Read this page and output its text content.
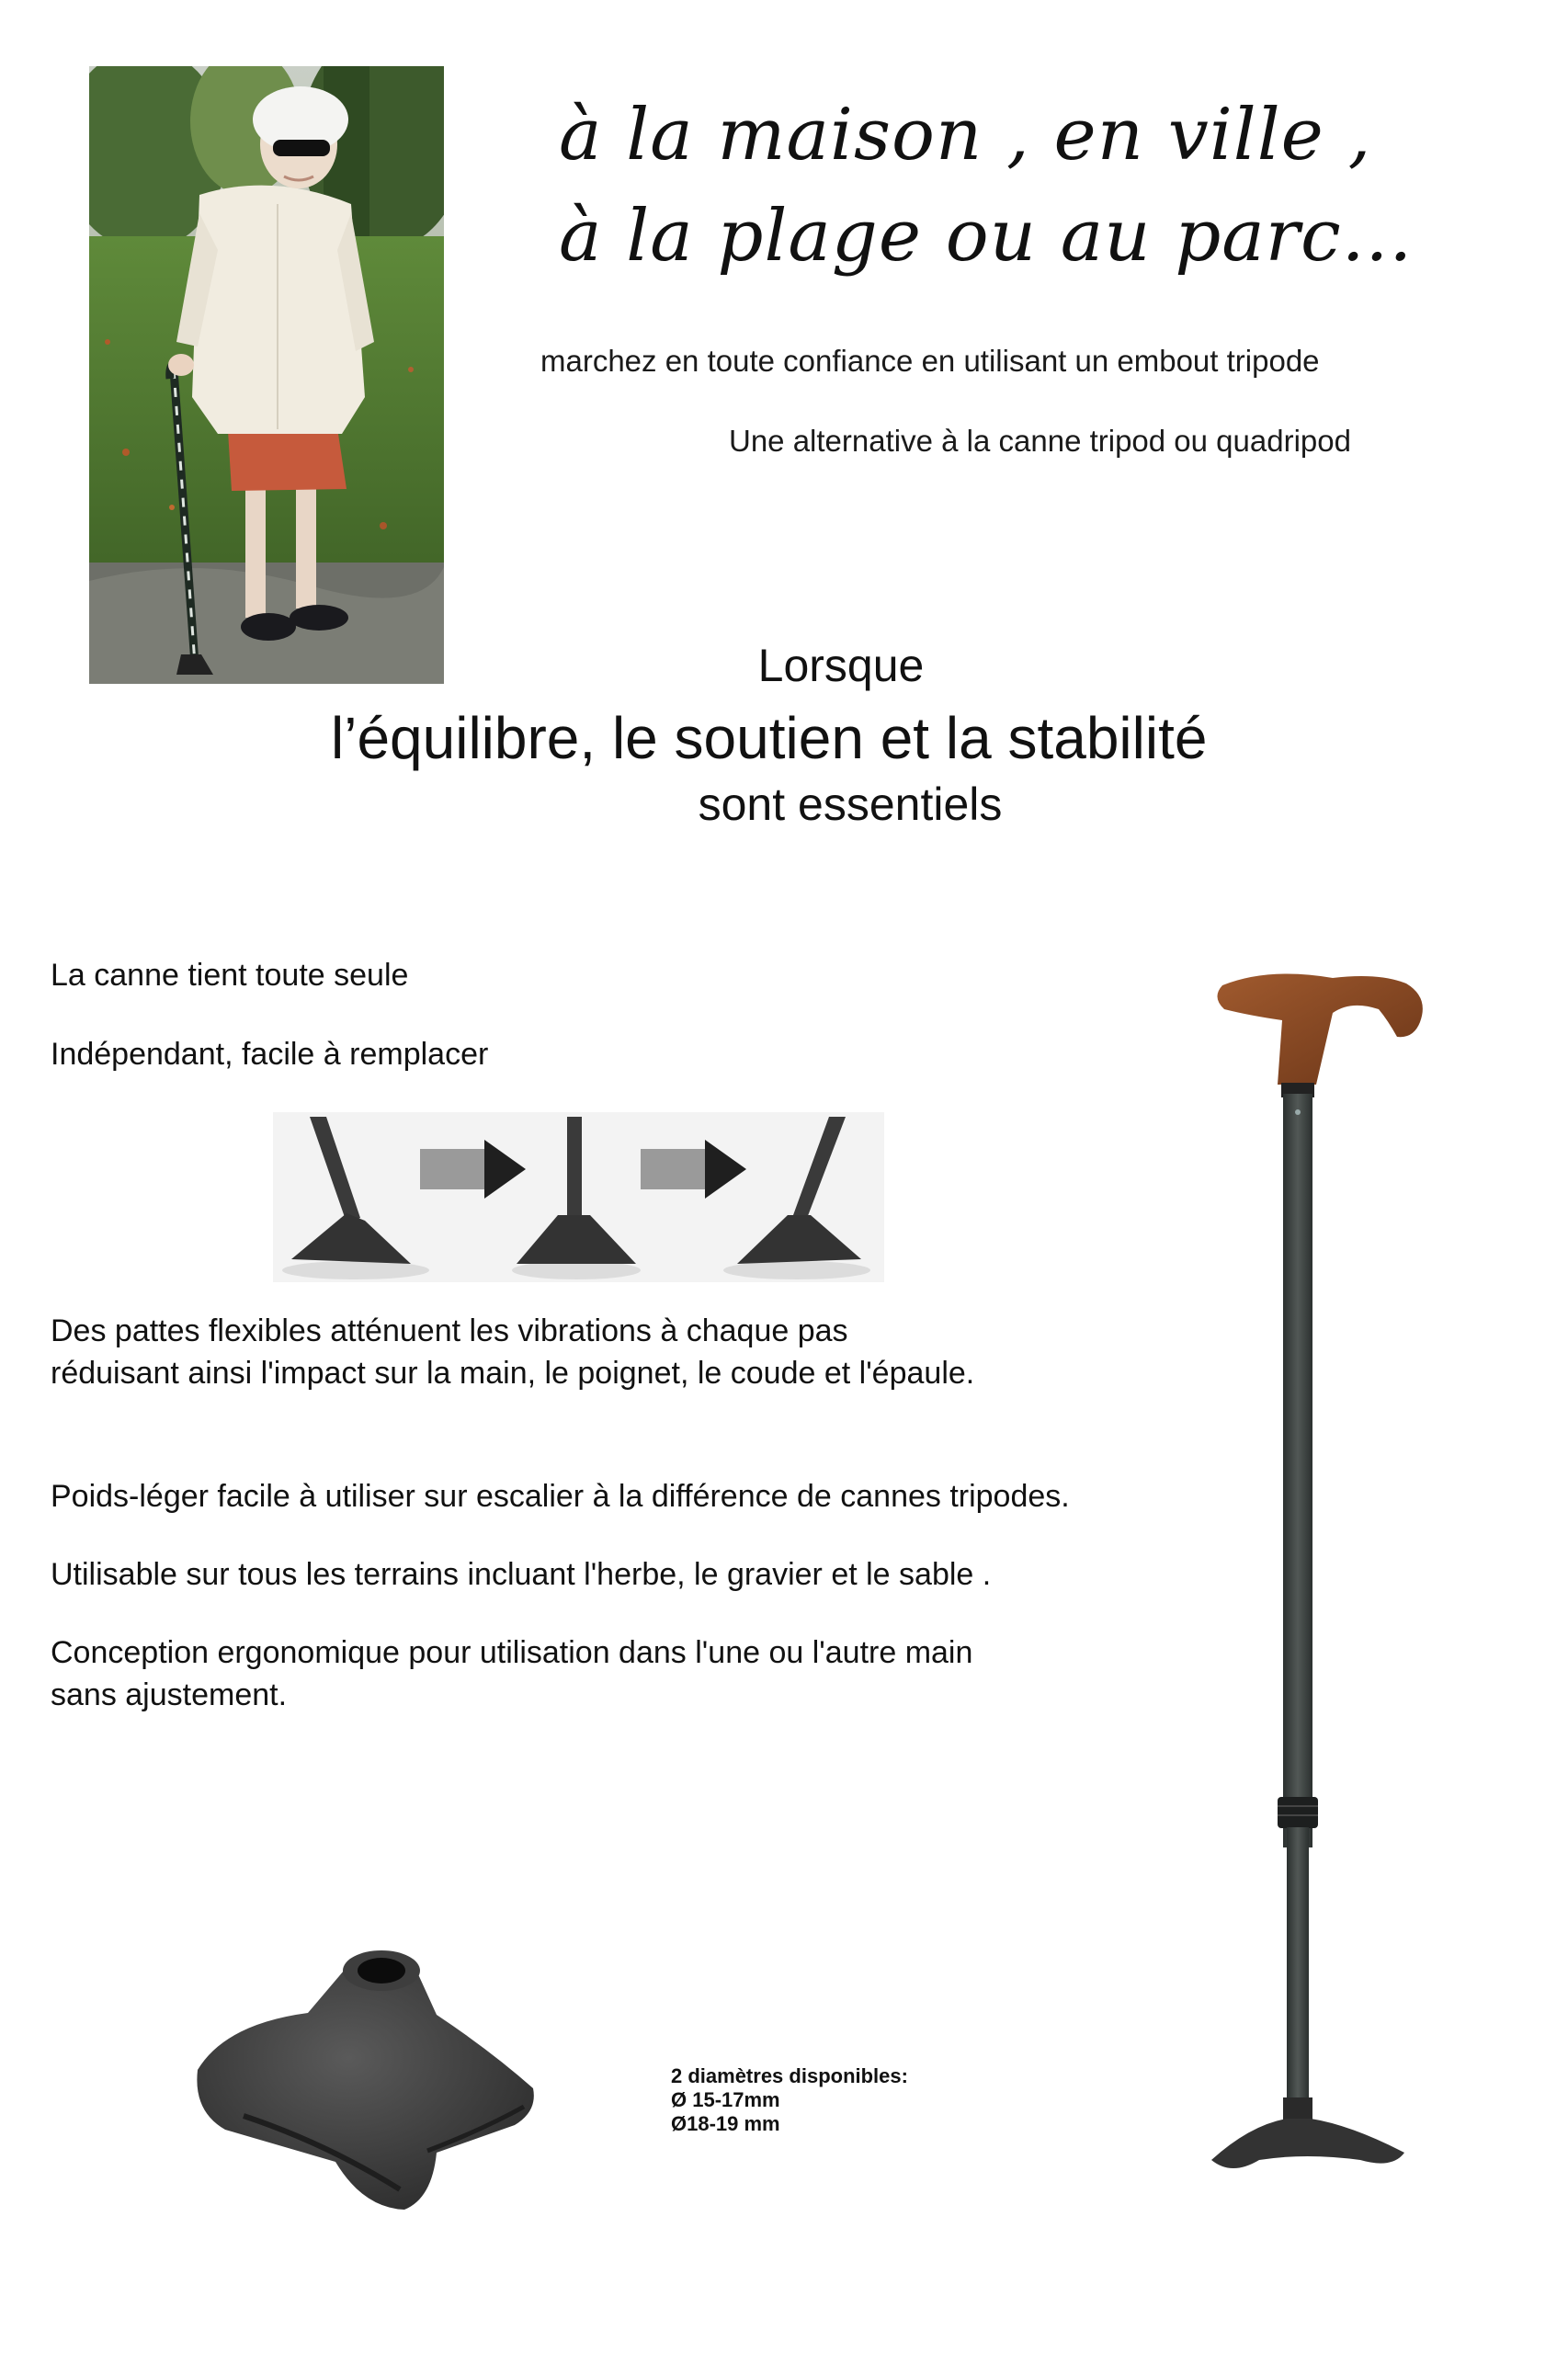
à la maison , en ville ,
à la plage ou au parc...
marchez en toute confiance en utilisant un embout tripode
Une alternative à la canne tripod ou quadripod
Lorsque
l’équilibre, le soutien et la stabilité
sont essentiels
La canne tient toute seule
Indépendant, facile à remplacer
Des pattes flexibles atténuent les vibrations à chaque pas
réduisant ainsi l'impact sur la main, le poignet, le coude et l'épaule.
Poids-léger facile à utiliser sur escalier à la différence de cannes tripodes.
Utilisable sur tous les terrains incluant l'herbe, le gravier et le sable .
Conception ergonomique pour utilisation dans l'une ou l'autre main
sans ajustement.
2 diamètres disponibles:
Ø 15-17mm
Ø18-19 mm
